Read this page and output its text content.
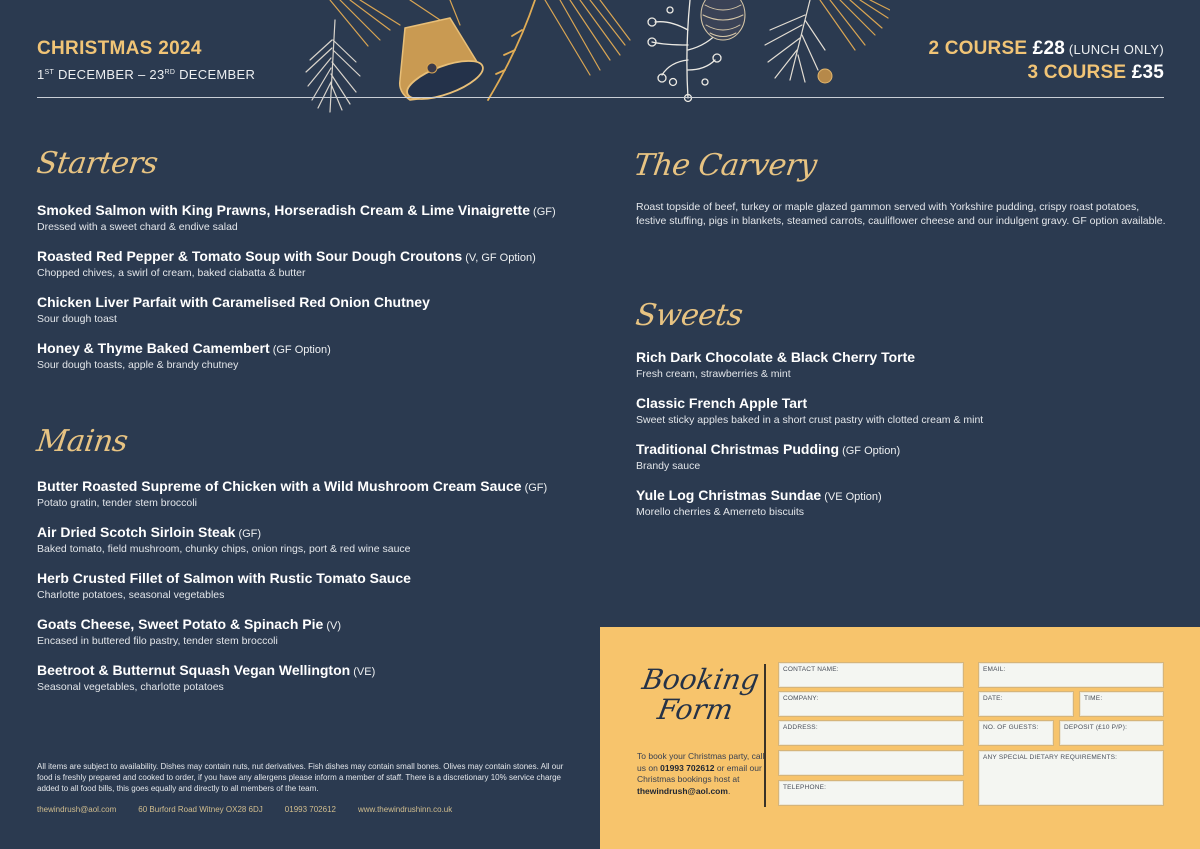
CHRISTMAS 2024
1ST DECEMBER – 23RD DECEMBER
2 COURSE £28 (LUNCH ONLY)
3 COURSE £35
Starters
Smoked Salmon with King Prawns, Horseradish Cream & Lime Vinaigrette (GF)
Dressed with a sweet chard & endive salad
Roasted Red Pepper & Tomato Soup with Sour Dough Croutons (V, GF Option)
Chopped chives, a swirl of cream, baked ciabatta & butter
Chicken Liver Parfait with Caramelised Red Onion Chutney
Sour dough toast
Honey & Thyme Baked Camembert (GF Option)
Sour dough toasts, apple & brandy chutney
Mains
Butter Roasted Supreme of Chicken with a Wild Mushroom Cream Sauce (GF)
Potato gratin, tender stem broccoli
Air Dried Scotch Sirloin Steak (GF)
Baked tomato, field mushroom, chunky chips, onion rings, port & red wine sauce
Herb Crusted Fillet of Salmon with Rustic Tomato Sauce
Charlotte potatoes, seasonal vegetables
Goats Cheese, Sweet Potato & Spinach Pie (V)
Encased in buttered filo pastry, tender stem broccoli
Beetroot & Butternut Squash Vegan Wellington (VE)
Seasonal vegetables, charlotte potatoes
The Carvery
Roast topside of beef, turkey or maple glazed gammon served with Yorkshire pudding, crispy roast potatoes, festive stuffing, pigs in blankets, steamed carrots, cauliflower cheese and our indulgent gravy. GF option available.
Sweets
Rich Dark Chocolate & Black Cherry Torte
Fresh cream, strawberries & mint
Classic French Apple Tart
Sweet sticky apples baked in a short crust pastry with clotted cream & mint
Traditional Christmas Pudding (GF Option)
Brandy sauce
Yule Log Christmas Sundae (VE Option)
Morello cherries & Amerreto biscuits
All items are subject to availability. Dishes may contain nuts, nut derivatives. Fish dishes may contain small bones. Olives may contain stones. All our food is freshly prepared and cooked to order, if you have any allergens please inform a member of staff. There is a discretionary 10% service charge added to all food bills, this goes equally and directly to all members of the team.
thewindrush@aol.com	60 Burford Road Witney OX28 6DJ	01993 702612	www.thewindrushinn.co.uk
Booking
Form
To book your Christmas party, call us on 01993 702612 or email our Christmas bookings host at thewindrush@aol.com.
CONTACT NAME:
COMPANY:
ADDRESS:
TELEPHONE:
EMAIL:
DATE:	TIME:
NO. OF GUESTS:	DEPOSIT (£10 P/P):
ANY SPECIAL DIETARY REQUIREMENTS:
